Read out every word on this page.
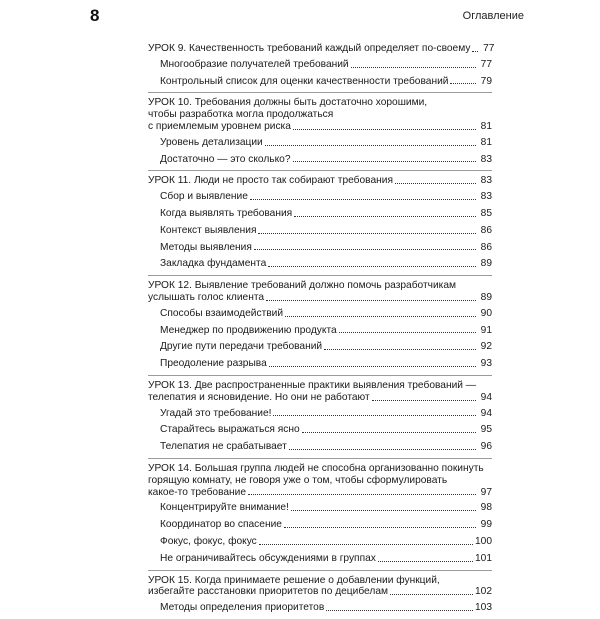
8	Оглавление
УРОК 9. Качественность требований каждый определяет по-своему 77
Многообразие получателей требований	77
Контрольный список для оценки качественности требований	79
УРОК 10. Требования должны быть достаточно хорошими,
чтобы разработка могла продолжаться
с приемлемым уровнем риска	81
Уровень детализации	81
Достаточно — это сколько?	83
УРОК 11. Люди не просто так собирают требования	83
Сбор и выявление	83
Когда выявлять требования	85
Контекст выявления	86
Методы выявления	86
Закладка фундамента	89
УРОК 12. Выявление требований должно помочь разработчикам
услышать голос клиента	89
Способы взаимодействий	90
Менеджер по продвижению продукта	91
Другие пути передачи требований	92
Преодоление разрыва	93
УРОК 13. Две распространенные практики выявления требований —
телепатия и ясновидение. Но они не работают	94
Угадай это требование!	94
Старайтесь выражаться ясно	95
Телепатия не срабатывает	96
УРОК 14. Большая группа людей не способна организованно покинуть
горящую комнату, не говоря уже о том, чтобы сформулировать
какое-то требование	97
Концентрируйте внимание!	98
Координатор во спасение	99
Фокус, фокус, фокус	100
Не ограничивайтесь обсуждениями в группах	101
УРОК 15. Когда принимаете решение о добавлении функций,
избегайте расстановки приоритетов по децибелам	102
Методы определения приоритетов	103
